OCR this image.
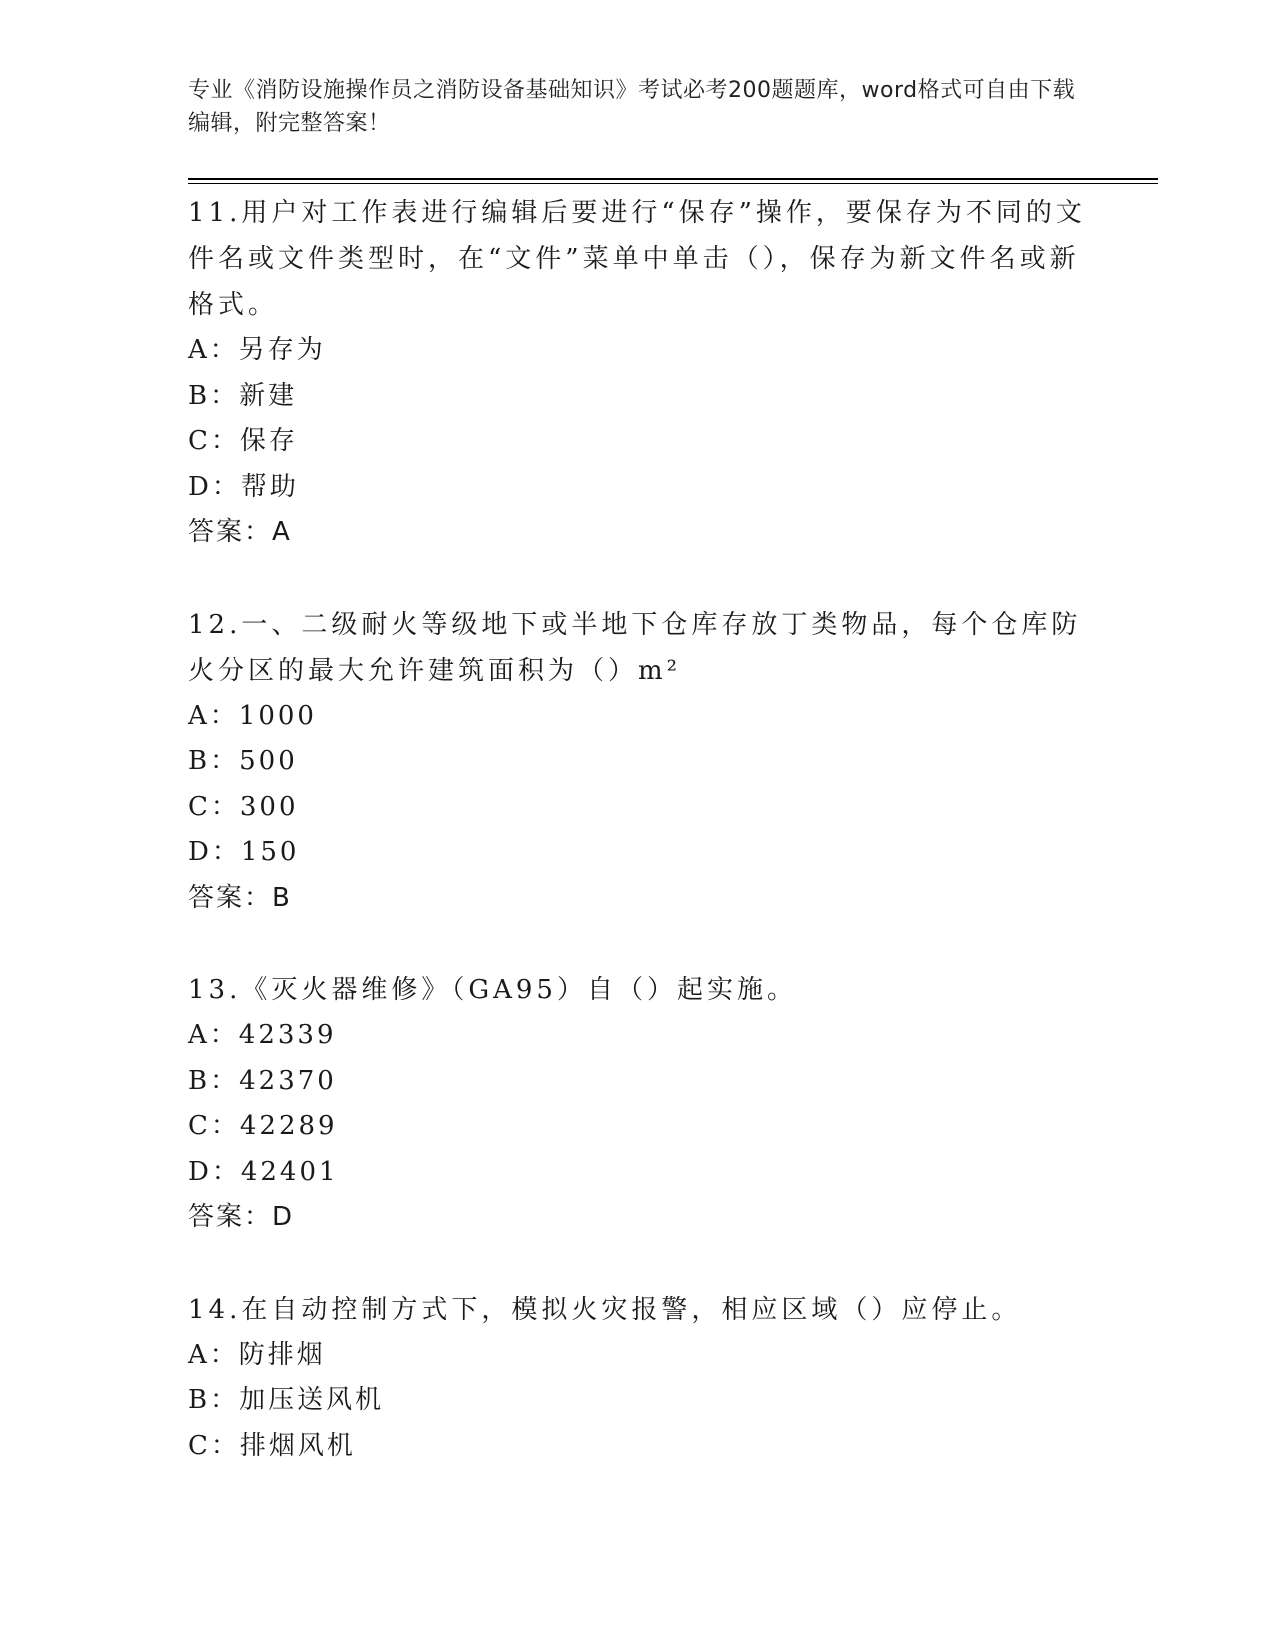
专业《消防设施操作员之消防设备基础知识》考试必考200题题库，word格式可自由下载编辑，附完整答案！

11.用户对工作表进行编辑后要进行“保存”操作，要保存为不同的文件名或文件类型时，在“文件”菜单中单击（），保存为新文件名或新格式。

A：另存为

B：新建

C：保存

D：帮助

答案：A

12.一、二级耐火等级地下或半地下仓库存放丁类物品，每个仓库防火分区的最大允许建筑面积为（）m²

A：1000

B：500

C：300

D：150

答案：B

13.《灭火器维修》（GA95）自（）起实施。

A：42339

B：42370

C：42289

D：42401

答案：D

14.在自动控制方式下，模拟火灾报警，相应区域（）应停止。

A：防排烟

B：加压送风机

C：排烟风机
